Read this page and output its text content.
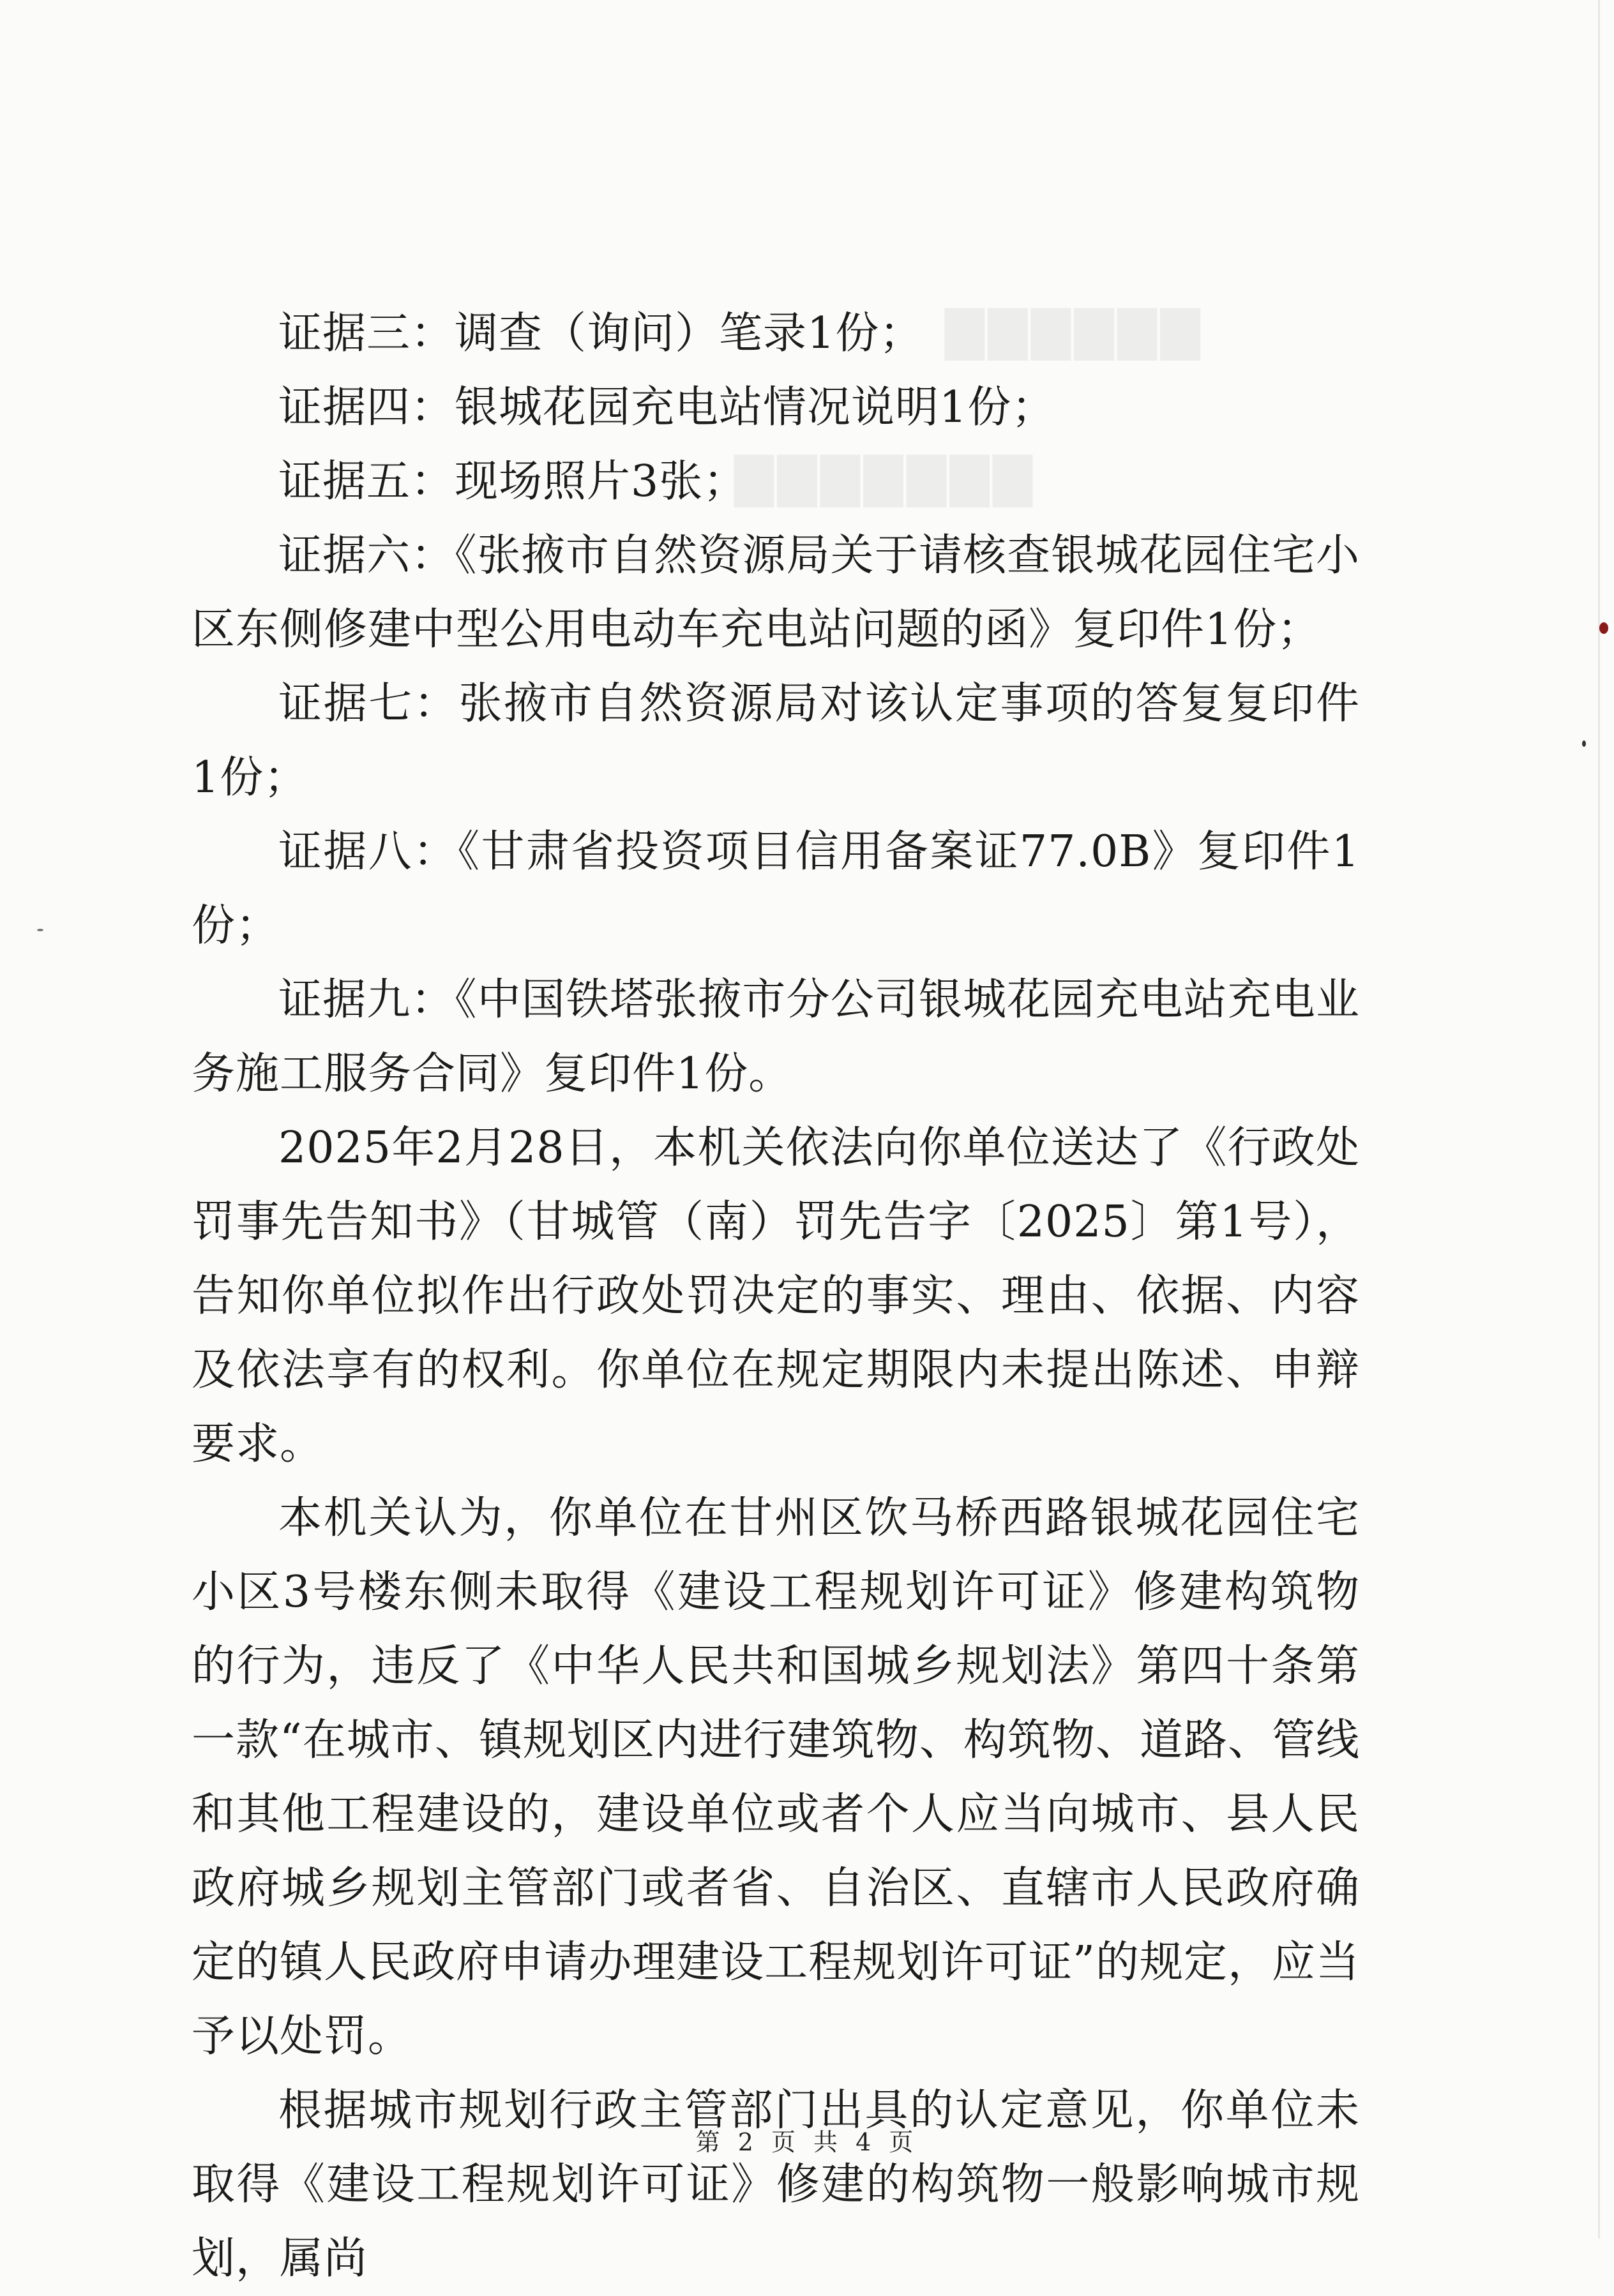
▇▇▇▇▇▇
▇▇▇▇▇▇▇

证据三：调查（询问）笔录1份；

证据四：银城花园充电站情况说明1份；

证据五：现场照片3张；

证据六：《张掖市自然资源局关于请核查银城花园住宅小区东侧修建中型公用电动车充电站问题的函》复印件1份；

证据七：张掖市自然资源局对该认定事项的答复复印件1份；

证据八：《甘肃省投资项目信用备案证77.0B》复印件1份；

证据九：《中国铁塔张掖市分公司银城花园充电站充电业务施工服务合同》复印件1份。

2025年2月28日，本机关依法向你单位送达了《行政处罚事先告知书》（甘城管（南）罚先告字〔2025〕第1号），告知你单位拟作出行政处罚决定的事实、理由、依据、内容及依法享有的权利。你单位在规定期限内未提出陈述、申辩要求。

本机关认为，你单位在甘州区饮马桥西路银城花园住宅小区3号楼东侧未取得《建设工程规划许可证》修建构筑物的行为，违反了《中华人民共和国城乡规划法》第四十条第一款“在城市、镇规划区内进行建筑物、构筑物、道路、管线和其他工程建设的，建设单位或者个人应当向城市、县人民政府城乡规划主管部门或者省、自治区、直辖市人民政府确定的镇人民政府申请办理建设工程规划许可证”的规定，应当予以处罚。

根据城市规划行政主管部门出具的认定意见，你单位未取得《建设工程规划许可证》修建的构筑物一般影响城市规划，属尚

第 2 页 共 4 页
